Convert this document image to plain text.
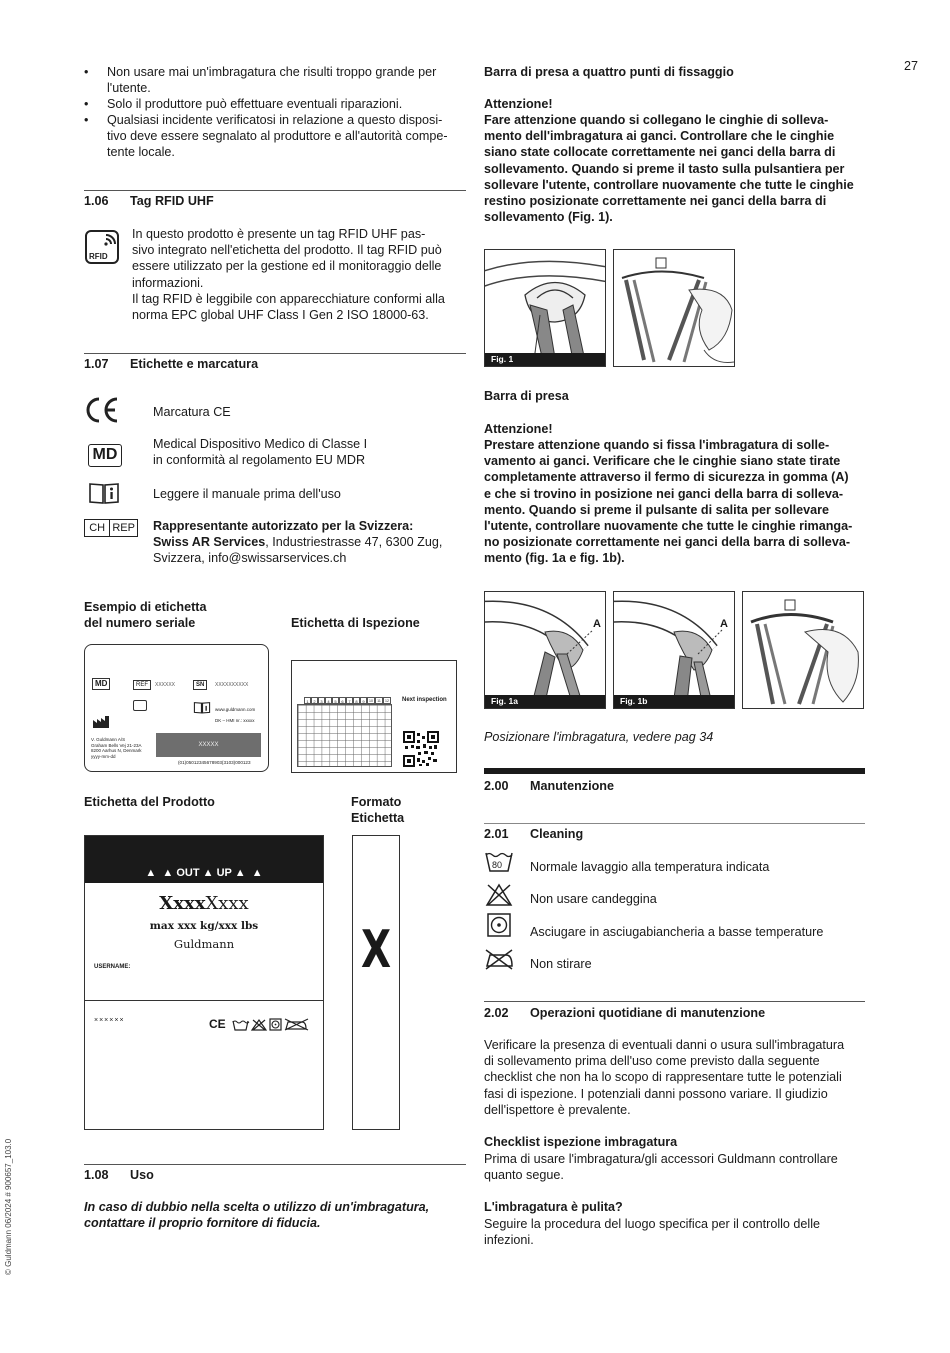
27
© Guldmann 06/2024 # 900657_103.0
• Non usare mai un'imbragatura che risulti troppo grande per
l'utente.
• Solo il produttore può effettuare eventuali riparazioni.
• Qualsiasi incidente verificatosi in relazione a questo disposi-
tivo deve essere segnalato al produttore e all'autorità compe-
tente locale.
1.06 Tag RFID UHF
RFID
In questo prodotto è presente un tag RFID UHF pas-
sivo integrato nell'etichetta del prodotto. Il tag RFID può
essere utilizzato per la gestione ed il monitoraggio delle
informazioni.
Il tag RFID è leggibile con apparecchiature conformi alla
norma EPC global UHF Class I Gen 2 ISO 18000-63.
1.07 Etichette e marcatura
Marcatura CE
MD
Medical Dispositivo Medico di Classe I
in conformità al regolamento EU MDR
Leggere il manuale prima dell'uso
CH REP Rappresentante autorizzato per la Svizzera:
Swiss AR Services, Industriestrasse 47, 6300 Zug,
Svizzera, info@swissarservices.ch
Esempio di etichetta
del numero seriale
MD	REF	XXXXXX	SN	XXXXXXXXXX
www.guldmann.com
DK – HMI nr.: xxxxx
V. Guldmann A/S
Graham Bells Vej 21-23A
8200 Aarhus N, Denmark
yyyy-mm-dd
XXXXX
(01)05012345678903(3103)000123
Etichetta di Ispezione
1	2	3	4	5	6	7	8	9	10	11	12	Next inspection
Etichetta del Prodotto
▲  ▲ OUT ▲ UP ▲  ▲
XxxxXxxx
max xxx kg/xxx lbs
Guldmann
USERNAME:
××××××	CE
Formato
Etichetta
X
1.08 Uso
In caso di dubbio nella scelta o utilizzo di un'imbragatura,
contattare il proprio fornitore di fiducia.
Barra di presa a quattro punti di fissaggio
Attenzione!
Fare attenzione quando si collegano le cinghie di solleva-
mento dell'imbragatura ai ganci. Controllare che le cinghie
siano state collocate correttamente nei ganci della barra di
sollevamento. Quando si preme il tasto sulla pulsantiera per
sollevare l'utente, controllare nuovamente che tutte le cinghie
restino posizionate correttamente nei ganci della barra di
sollevamento (Fig. 1).
Fig. 1
Barra di presa
Attenzione!
Prestare attenzione quando si fissa l'imbragatura di solle-
vamento ai ganci. Verificare che le cinghie siano state tirate
completamente attraverso il fermo di sicurezza in gomma (A)
e che si trovino in posizione nei ganci della barra di solleva-
mento. Quando si preme il pulsante di salita per sollevare
l'utente, controllare nuovamente che tutte le cinghie rimanga-
no posizionate correttamente nei ganci della barra di solleva-
mento (fig. 1a e fig. 1b).
A
Fig. 1a
A
Fig. 1b
Posizionare l'imbragatura, vedere pag 34
2.00 Manutenzione
2.01 Cleaning
80 Normale lavaggio alla temperatura indicata
Non usare candeggina
Asciugare in asciugabiancheria a basse temperature
Non stirare
2.02 Operazioni quotidiane di manutenzione
Verificare la presenza di eventuali danni o usura sull'imbragatura
di sollevamento prima dell'uso come previsto dalla seguente
checklist che non ha lo scopo di rappresentare tutte le potenziali
fasi di ispezione. I potenziali danni possono variare. Il giudizio
dell'ispettore è prevalente.
Checklist ispezione imbragatura
Prima di usare l'imbragatura/gli accessori Guldmann controllare
quanto segue.
L'imbragatura è pulita?
Seguire la procedura del luogo specifica per il controllo delle
infezioni.
